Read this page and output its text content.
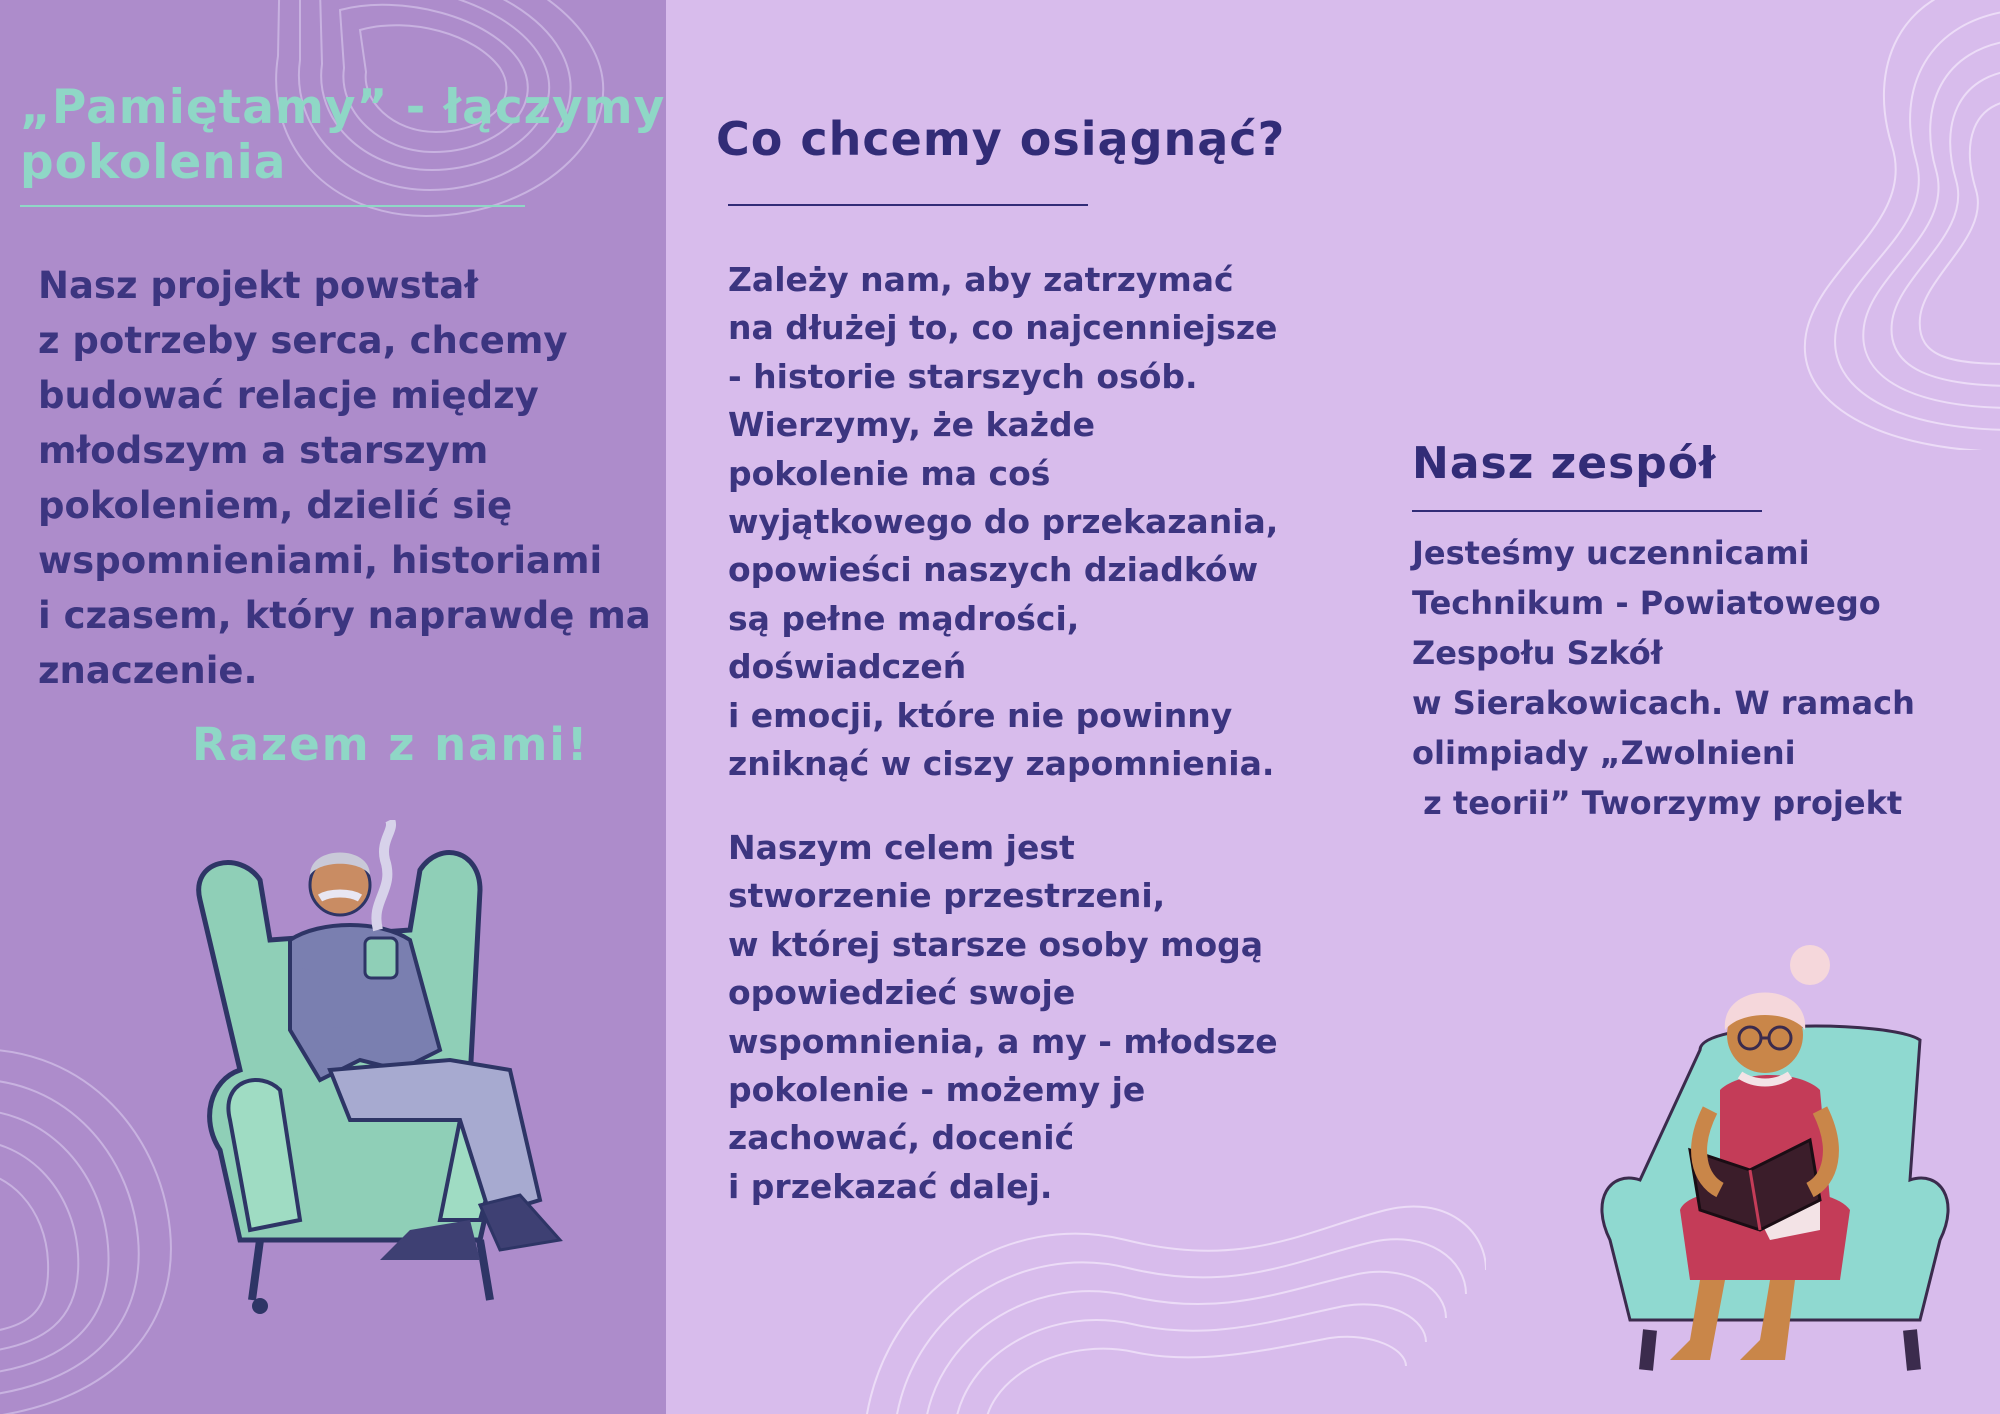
„Pamiętamy” - łączymy pokolenia
Nasz projekt powstał
z potrzeby serca, chcemy
budować relacje między
młodszym a starszym
pokoleniem, dzielić się
wspomnieniami, historiami
i czasem, który naprawdę ma
znaczenie.

Razem z nami!

Co chcemy osiągnąć?
Zależy nam, aby zatrzymać
na dłużej to, co najcenniejsze
- historie starszych osób.
Wierzymy, że każde
pokolenie ma coś
wyjątkowego do przekazania,
opowieści naszych dziadków
są pełne mądrości,
doświadczeń
i emocji, które nie powinny
zniknąć w ciszy zapomnienia.
Naszym celem jest
stworzenie przestrzeni,
w której starsze osoby mogą
opowiedzieć swoje
wspomnienia, a my - młodsze
pokolenie - możemy je
zachować, docenić
i przekazać dalej.
Nasz zespół
Jesteśmy uczennicami
Technikum - Powiatowego
Zespołu Szkół
w Sierakowicach. W ramach
olimpiady „Zwolnieni
z teorii” Tworzymy projekt
